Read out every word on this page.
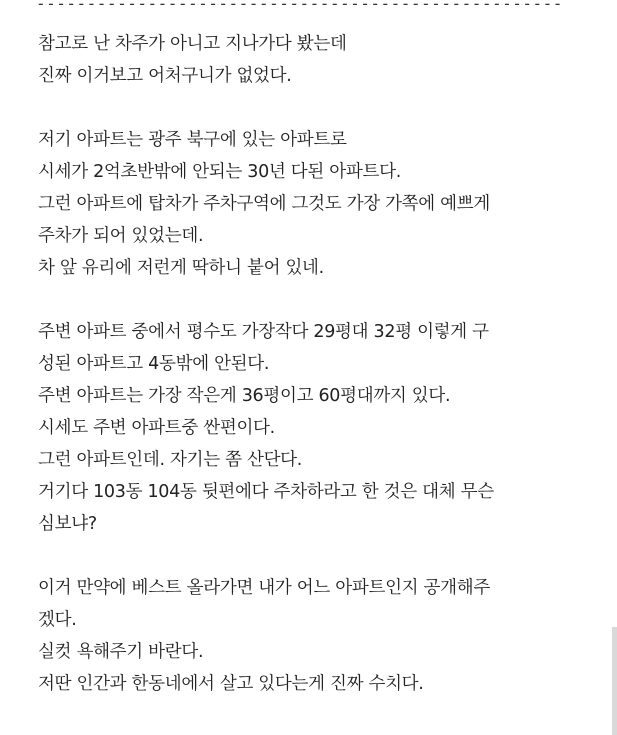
----------------------------------------------------
참고로 난 차주가 아니고 지나가다 봤는데
진짜 이거보고 어처구니가 없었다.
저기 아파트는 광주 북구에 있는 아파트로
시세가 2억초반밖에 안되는 30년 다된 아파트다.
그런 아파트에 탑차가 주차구역에 그것도 가장 가쪽에 예쁘게
주차가 되어 있었는데.
차 앞 유리에 저런게 딱하니 붙어 있네.
주변 아파트 중에서 평수도 가장작다 29평대 32평 이렇게 구
성된 아파트고 4동밖에 안된다.
주변 아파트는 가장 작은게 36평이고 60평대까지 있다.
시세도 주변 아파트중 싼편이다.
그런 아파트인데. 자기는 쫌 산단다.
거기다 103동 104동 뒷편에다 주차하라고 한 것은 대체 무슨
심보냐?
이거 만약에 베스트 올라가면 내가 어느 아파트인지 공개해주
겠다.
실컷 욕해주기 바란다.
저딴 인간과 한동네에서 살고 있다는게 진짜 수치다.
